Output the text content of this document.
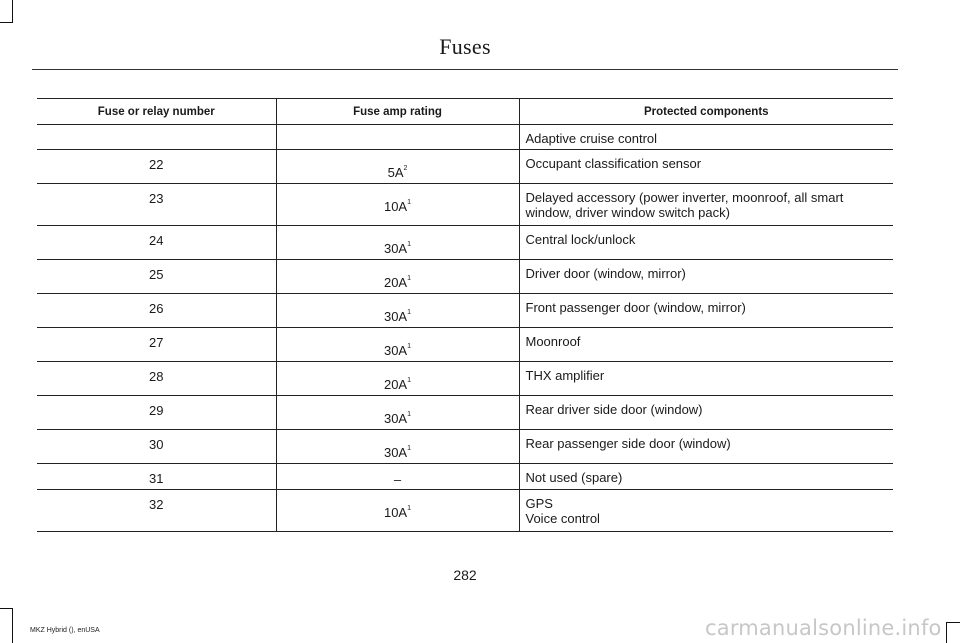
Fuses
Fuse or relay number	Fuse amp rating	Protected components

		Adaptive cruise control

22	5A$^2$	Occupant classification sensor

23	10A$^1$	Delayed accessory (power inverter, moonroof, all smart
window, driver window switch pack)

24	30A$^1$	Central lock/unlock

25	20A$^1$	Driver door (window, mirror)

26	30A$^1$	Front passenger door (window, mirror)

27	30A$^1$	Moonroof

28	20A$^1$	THX amplifier

29	30A$^1$	Rear driver side door (window)

30	30A$^1$	Rear passenger side door (window)

31	–	Not used (spare)

32	10A$^1$	GPS
Voice control
282
MKZ Hybrid (), enUSA	carmanualsonline.info
